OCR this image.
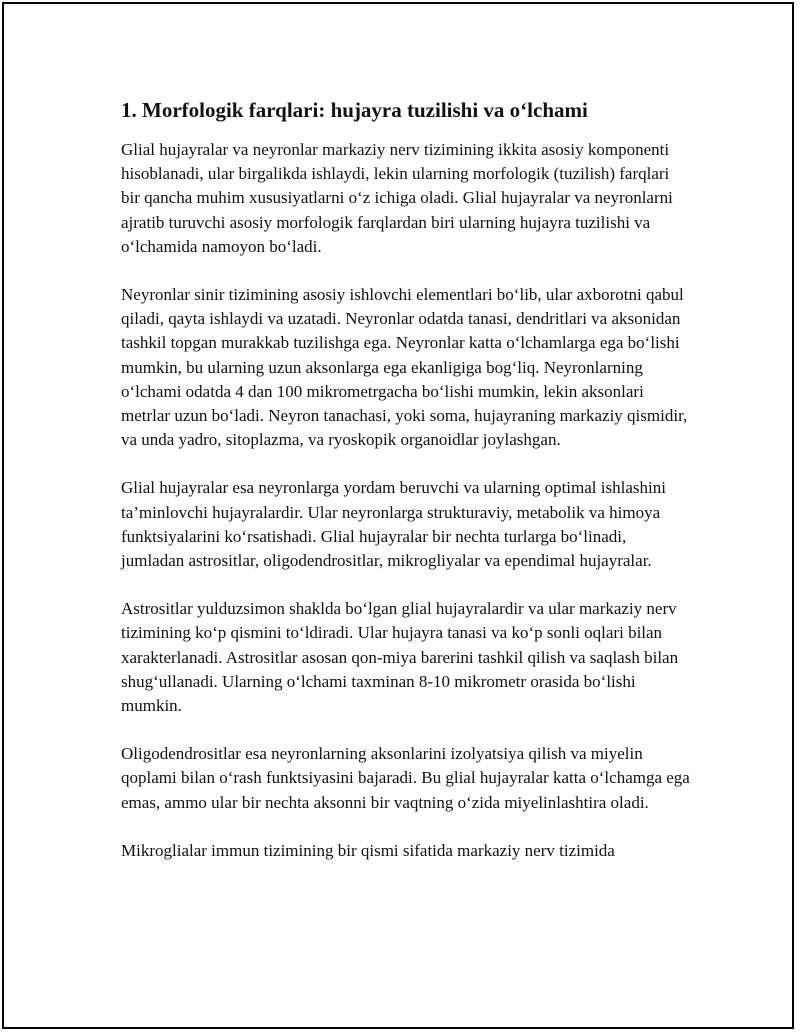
1. Morfologik farqlari: hujayra tuzilishi va o‘lchami

Glial hujayralar va neyronlar markaziy nerv tizimining ikkita asosiy komponenti hisoblanadi, ular birgalikda ishlaydi, lekin ularning morfologik (tuzilish) farqlari bir qancha muhim xususiyatlarni o‘z ichiga oladi. Glial hujayralar va neyronlarni ajratib turuvchi asosiy morfologik farqlardan biri ularning hujayra tuzilishi va o‘lchamida namoyon bo‘ladi.

Neyronlar sinir tizimining asosiy ishlovchi elementlari bo‘lib, ular axborotni qabul qiladi, qayta ishlaydi va uzatadi. Neyronlar odatda tanasi, dendritlari va aksonidan tashkil topgan murakkab tuzilishga ega. Neyronlar katta o‘lchamlarga ega bo‘lishi mumkin, bu ularning uzun aksonlarga ega ekanligiga bog‘liq. Neyronlarning o‘lchami odatda 4 dan 100 mikrometrgacha bo‘lishi mumkin, lekin aksonlari metrlar uzun bo‘ladi. Neyron tanachasi, yoki soma, hujayraning markaziy qismidir, va unda yadro, sitoplazma, va ryoskopik organoidlar joylashgan.

Glial hujayralar esa neyronlarga yordam beruvchi va ularning optimal ishlashini ta’minlovchi hujayralardir. Ular neyronlarga strukturaviy, metabolik va himoya funktsiyalarini ko‘rsatishadi. Glial hujayralar bir nechta turlarga bo‘linadi, jumladan astrositlar, oligodendrositlar, mikrogliyalar va ependimal hujayralar.

Astrositlar yulduzsimon shaklda bo‘lgan glial hujayralardir va ular markaziy nerv tizimining ko‘p qismini to‘ldiradi. Ular hujayra tanasi va ko‘p sonli oqlari bilan xarakterlanadi. Astrositlar asosan qon-miya barerini tashkil qilish va saqlash bilan shug‘ullanadi. Ularning o‘lchami taxminan 8-10 mikrometr orasida bo‘lishi mumkin.

Oligodendrositlar esa neyronlarning aksonlarini izolyatsiya qilish va miyelin qoplami bilan o‘rash funktsiyasini bajaradi. Bu glial hujayralar katta o‘lchamga ega emas, ammo ular bir nechta aksonni bir vaqtning o‘zida miyelinlashtira oladi.

Mikroglialar immun tizimining bir qismi sifatida markaziy nerv tizimida
